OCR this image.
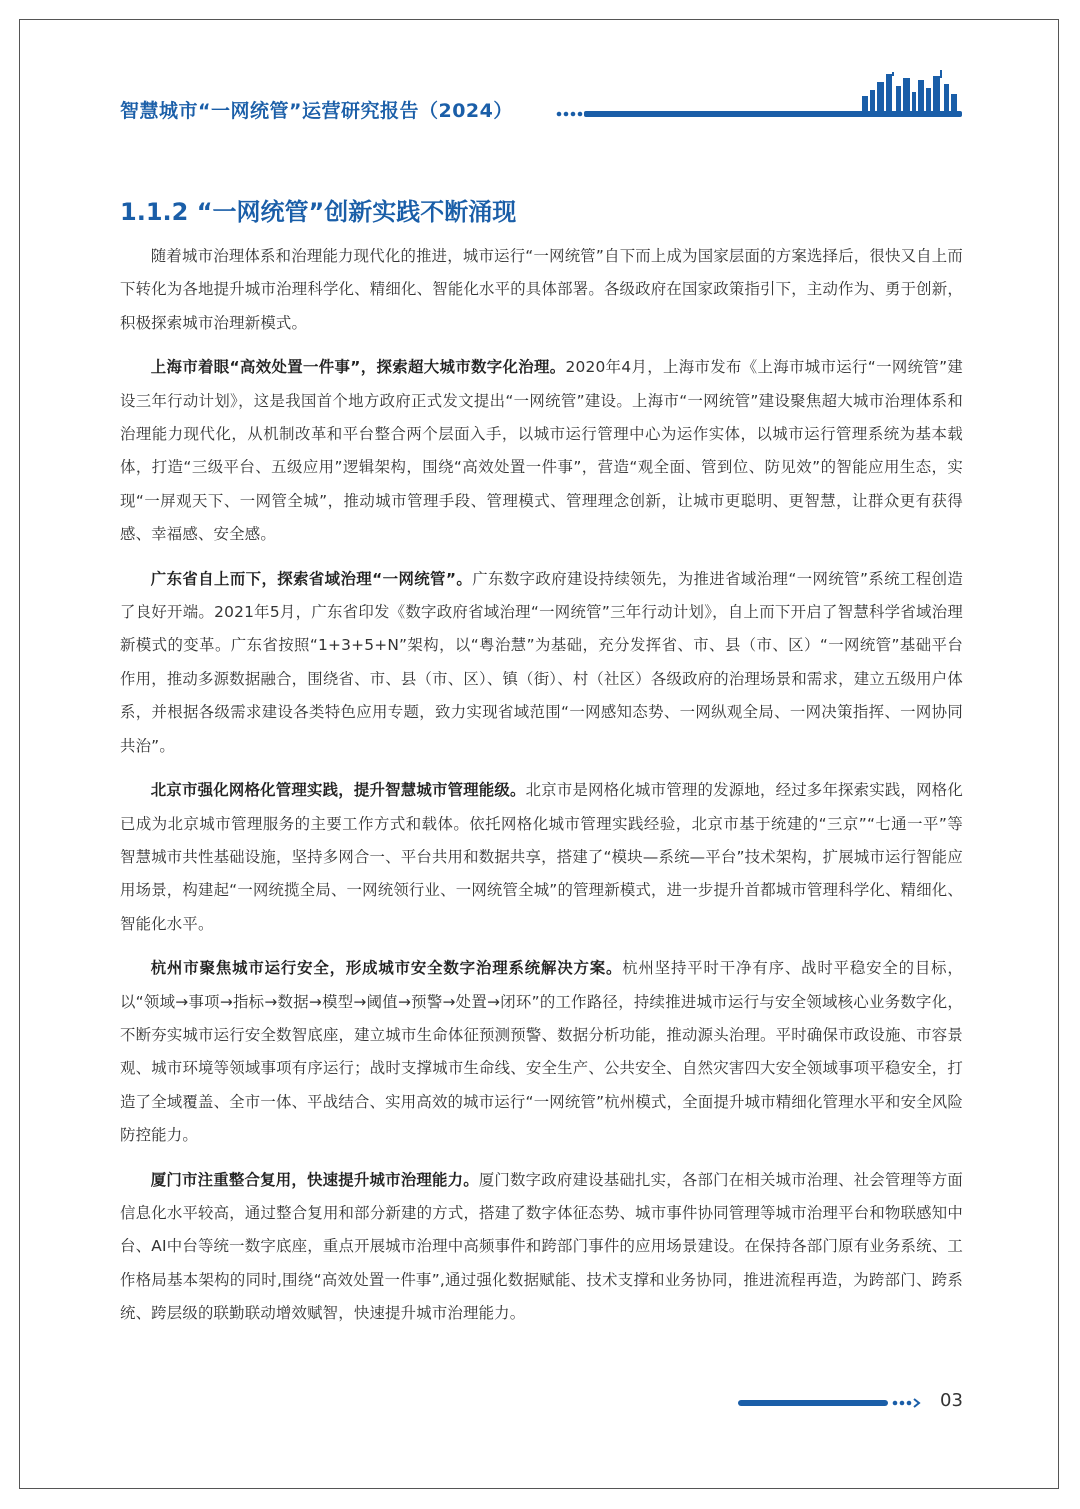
智慧城市“一网统管”运营研究报告（2024）
1.1.2 “一网统管”创新实践不断涌现

随着城市治理体系和治理能力现代化的推进，城市运行“一网统管”自下而上成为国家层面的方案选择后，很快又自上而下转化为各地提升城市治理科学化、精细化、智能化水平的具体部署。各级政府在国家政策指引下，主动作为、勇于创新，积极探索城市治理新模式。

上海市着眼“高效处置一件事”，探索超大城市数字化治理。2020年4月，上海市发布《上海市城市运行“一网统管”建设三年行动计划》，这是我国首个地方政府正式发文提出“一网统管”建设。上海市“一网统管”建设聚焦超大城市治理体系和治理能力现代化，从机制改革和平台整合两个层面入手，以城市运行管理中心为运作实体，以城市运行管理系统为基本载体，打造“三级平台、五级应用”逻辑架构，围绕“高效处置一件事”，营造“观全面、管到位、防见效”的智能应用生态，实现“一屏观天下、一网管全城”，推动城市管理手段、管理模式、管理理念创新，让城市更聪明、更智慧，让群众更有获得感、幸福感、安全感。

广东省自上而下，探索省域治理“一网统管”。广东数字政府建设持续领先，为推进省域治理“一网统管”系统工程创造了良好开端。2021年5月，广东省印发《数字政府省域治理“一网统管”三年行动计划》，自上而下开启了智慧科学省域治理新模式的变革。广东省按照“1+3+5+N”架构，以“粤治慧”为基础，充分发挥省、市、县（市、区）“一网统管”基础平台作用，推动多源数据融合，围绕省、市、县（市、区）、镇（街）、村（社区）各级政府的治理场景和需求，建立五级用户体系，并根据各级需求建设各类特色应用专题，致力实现省域范围“一网感知态势、一网纵观全局、一网决策指挥、一网协同共治”。

北京市强化网格化管理实践，提升智慧城市管理能级。北京市是网格化城市管理的发源地，经过多年探索实践，网格化已成为北京城市管理服务的主要工作方式和载体。依托网格化城市管理实践经验，北京市基于统建的“三京”“七通一平”等智慧城市共性基础设施，坚持多网合一、平台共用和数据共享，搭建了“模块—系统—平台”技术架构，扩展城市运行智能应用场景，构建起“一网统揽全局、一网统领行业、一网统管全城”的管理新模式，进一步提升首都城市管理科学化、精细化、智能化水平。

杭州市聚焦城市运行安全，形成城市安全数字治理系统解决方案。杭州坚持平时干净有序、战时平稳安全的目标，以“领域→事项→指标→数据→模型→阈值→预警→处置→闭环”的工作路径，持续推进城市运行与安全领域核心业务数字化，不断夯实城市运行安全数智底座，建立城市生命体征预测预警、数据分析功能，推动源头治理。平时确保市政设施、市容景观、城市环境等领域事项有序运行；战时支撑城市生命线、安全生产、公共安全、自然灾害四大安全领域事项平稳安全，打造了全域覆盖、全市一体、平战结合、实用高效的城市运行“一网统管”杭州模式，全面提升城市精细化管理水平和安全风险防控能力。

厦门市注重整合复用，快速提升城市治理能力。厦门数字政府建设基础扎实，各部门在相关城市治理、社会管理等方面信息化水平较高，通过整合复用和部分新建的方式，搭建了数字体征态势、城市事件协同管理等城市治理平台和物联感知中台、AI中台等统一数字底座，重点开展城市治理中高频事件和跨部门事件的应用场景建设。在保持各部门原有业务系统、工作格局基本架构的同时,围绕“高效处置一件事”,通过强化数据赋能、技术支撑和业务协同，推进流程再造，为跨部门、跨系统、跨层级的联勤联动增效赋智，快速提升城市治理能力。

03
